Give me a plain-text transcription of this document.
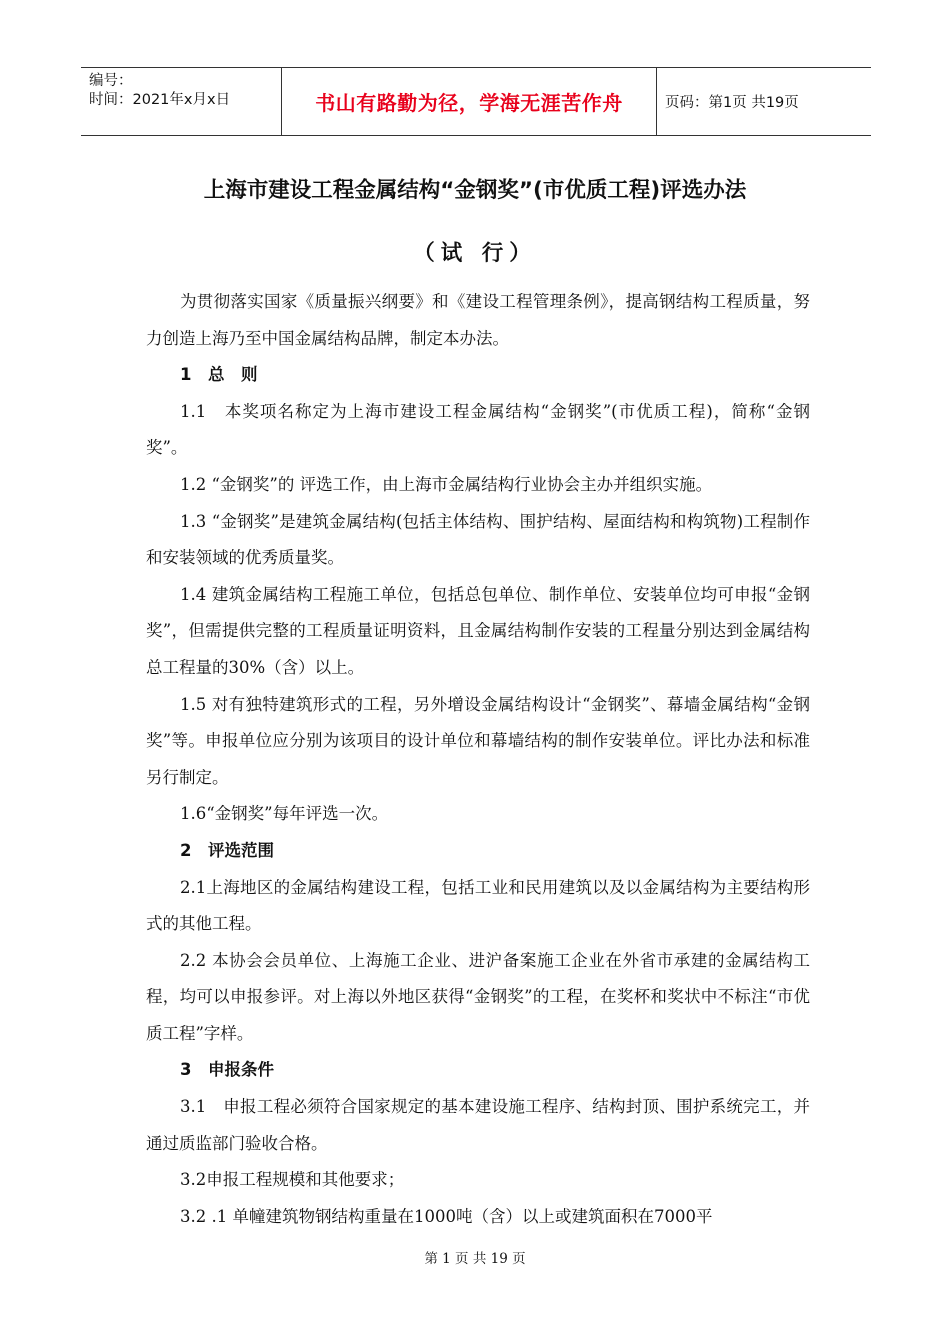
编号：
时间：2021年x月x日	书山有路勤为径，学海无涯苦作舟	页码：第1页 共19页
上海市建设工程金属结构“金钢奖”(市优质工程)评选办法
（试 行）

为贯彻落实国家《质量振兴纲要》和《建设工程管理条例》，提高钢结构工程质量，努力创造上海乃至中国金属结构品牌，制定本办法。

1　总　则

1.1　本奖项名称定为上海市建设工程金属结构“金钢奖”(市优质工程)，简称“金钢奖”。

1.2 “金钢奖”的 评选工作，由上海市金属结构行业协会主办并组织实施。

1.3 “金钢奖”是建筑金属结构(包括主体结构、围护结构、屋面结构和构筑物)工程制作和安装领域的优秀质量奖。

1.4 建筑金属结构工程施工单位，包括总包单位、制作单位、安装单位均可申报“金钢奖”，但需提供完整的工程质量证明资料，且金属结构制作安装的工程量分别达到金属结构总工程量的30%（含）以上。

1.5 对有独特建筑形式的工程，另外增设金属结构设计“金钢奖”、幕墙金属结构“金钢奖”等。申报单位应分别为该项目的设计单位和幕墙结构的制作安装单位。评比办法和标准另行制定。

1.6“金钢奖”每年评选一次。

2　评选范围

2.1上海地区的金属结构建设工程，包括工业和民用建筑以及以金属结构为主要结构形式的其他工程。

2.2 本协会会员单位、上海施工企业、进沪备案施工企业在外省市承建的金属结构工程，均可以申报参评。对上海以外地区获得“金钢奖”的工程，在奖杯和奖状中不标注“市优质工程”字样。

3　申报条件

3.1　申报工程必须符合国家规定的基本建设施工程序、结构封顶、围护系统完工，并通过质监部门验收合格。

3.2申报工程规模和其他要求；

3.2 .1 单幢建筑物钢结构重量在1000吨（含）以上或建筑面积在7000平

第 1 页 共 19 页
